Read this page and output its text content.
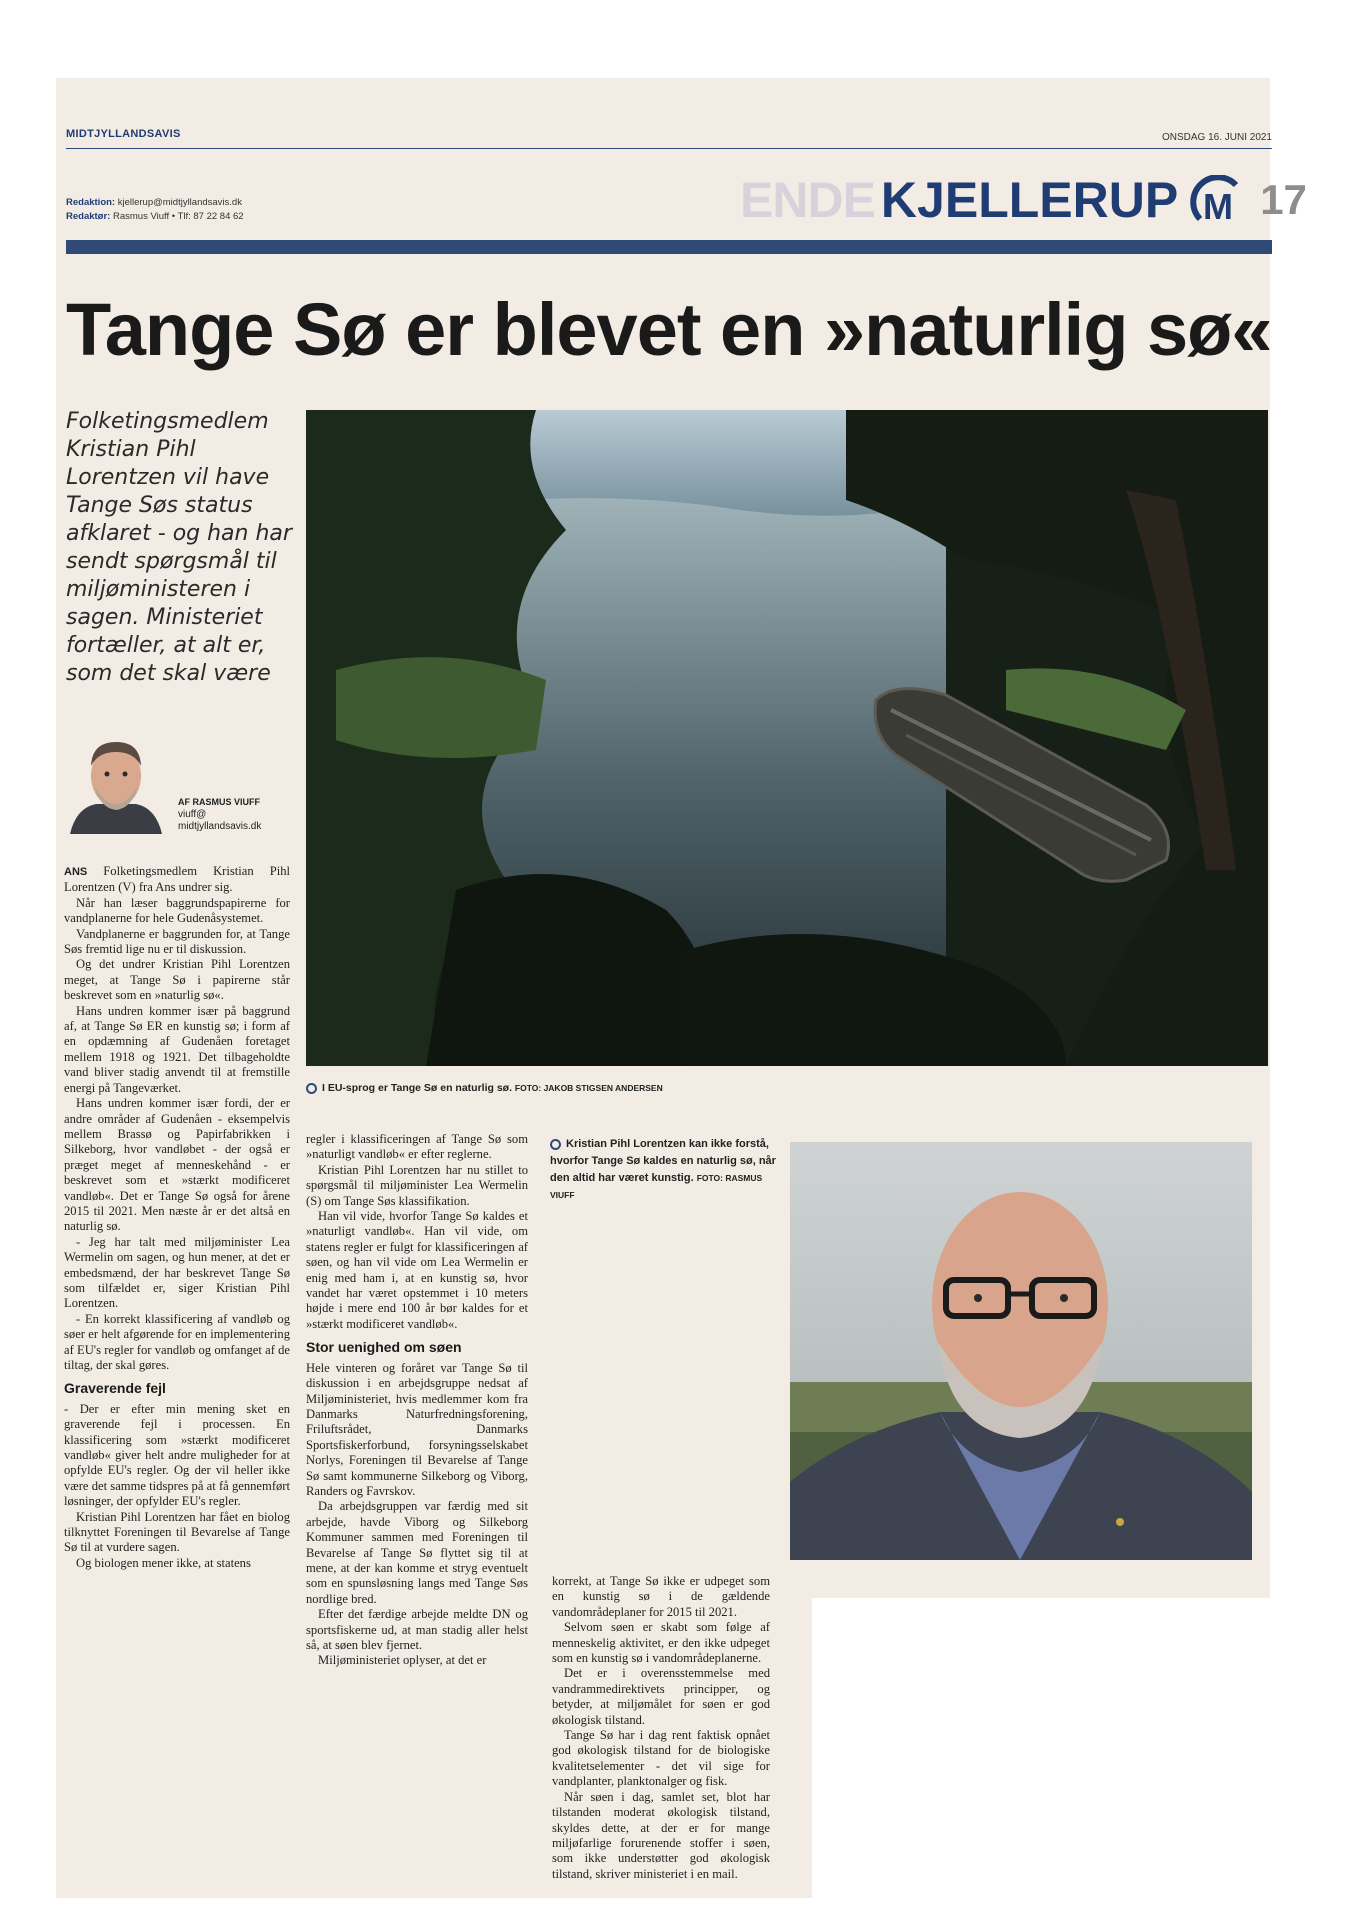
MIDTJYLLANDSAVIS	ONSDAG 16. JUNI 2021
Redaktion: kjellerup@midtjyllandsavis.dk
Redaktør: Rasmus Viuff • Tlf: 87 22 84 62	ENDE KJELLERUP M 17
Tange Sø er blevet en »naturlig sø«
Folketingsmedlem Kristian Pihl Lorentzen vil have Tange Søs status afklaret - og han har sendt spørgsmål til miljøministeren i sagen. Ministeriet fortæller, at alt er, som det skal være
AF RASMUS VIUFF
viuff@
midtjyllandsavis.dk
I EU-sprog er Tange Sø en naturlig sø. FOTO: JAKOB STIGSEN ANDERSEN
Kristian Pihl Lorentzen kan ikke forstå, hvorfor Tange Sø kaldes en naturlig sø, når den altid har været kunstig. FOTO: RASMUS VIUFF

ANS Folketingsmedlem Kristian Pihl Lorentzen (V) fra Ans undrer sig.

Når han læser baggrundspapirerne for vandplanerne for hele Gudenåsystemet.

Vandplanerne er baggrunden for, at Tange Søs fremtid lige nu er til diskussion.

Og det undrer Kristian Pihl Lorentzen meget, at Tange Sø i papirerne står beskrevet som en »naturlig sø«.

Hans undren kommer især på baggrund af, at Tange Sø ER en kunstig sø; i form af en opdæmning af Gudenåen foretaget mellem 1918 og 1921. Det tilbageholdte vand bliver stadig anvendt til at fremstille energi på Tangeværket.

Hans undren kommer især fordi, der er andre områder af Gudenåen - eksempelvis mellem Brassø og Papirfabrikken i Silkeborg, hvor vandløbet - der også er præget meget af menneskehånd - er beskrevet som et »stærkt modificeret vandløb«. Det er Tange Sø også for årene 2015 til 2021. Men næste år er det altså en naturlig sø.

- Jeg har talt med miljøminister Lea Wermelin om sagen, og hun mener, at det er embedsmænd, der har beskrevet Tange Sø som tilfældet er, siger Kristian Pihl Lorentzen.

- En korrekt klassificering af vandløb og søer er helt afgørende for en implementering af EU's regler for vandløb og omfanget af de tiltag, der skal gøres.

Graverende fejl

- Der er efter min mening sket en graverende fejl i processen. En klassificering som »stærkt modificeret vandløb« giver helt andre muligheder for at opfylde EU's regler. Og der vil heller ikke være det samme tidspres på at få gennemført løsninger, der opfylder EU's regler.

Kristian Pihl Lorentzen har fået en biolog tilknyttet Foreningen til Bevarelse af Tange Sø til at vurdere sagen.

Og biologen mener ikke, at statens

regler i klassificeringen af Tange Sø som »naturligt vandløb« er efter reglerne.

Kristian Pihl Lorentzen har nu stillet to spørgsmål til miljøminister Lea Wermelin (S) om Tange Søs klassifikation.

Han vil vide, hvorfor Tange Sø kaldes et »naturligt vandløb«. Han vil vide, om statens regler er fulgt for klassificeringen af søen, og han vil vide om Lea Wermelin er enig med ham i, at en kunstig sø, hvor vandet har været opstemmet i 10 meters højde i mere end 100 år bør kaldes for et »stærkt modificeret vandløb«.

Stor uenighed om søen

Hele vinteren og foråret var Tange Sø til diskussion i en arbejdsgruppe nedsat af Miljøministeriet, hvis medlemmer kom fra Danmarks Naturfredningsforening, Friluftsrådet, Danmarks Sportsfiskerforbund, forsyningsselskabet Norlys, Foreningen til Bevarelse af Tange Sø samt kommunerne Silkeborg og Viborg, Randers og Favrskov.

Da arbejdsgruppen var færdig med sit arbejde, havde Viborg og Silkeborg Kommuner sammen med Foreningen til Bevarelse af Tange Sø flyttet sig til at mene, at der kan komme et stryg eventuelt som en spunsløsning langs med Tange Søs nordlige bred.

Efter det færdige arbejde meldte DN og sportsfiskerne ud, at man stadig aller helst så, at søen blev fjernet.

Miljøministeriet oplyser, at det er

korrekt, at Tange Sø ikke er udpeget som en kunstig sø i de gældende vandområdeplaner for 2015 til 2021.

Selvom søen er skabt som følge af menneskelig aktivitet, er den ikke udpeget som en kunstig sø i vandområdeplanerne.

Det er i overensstemmelse med vandrammedirektivets principper, og betyder, at miljømålet for søen er god økologisk tilstand.

Tange Sø har i dag rent faktisk opnået god økologisk tilstand for de biologiske kvalitetselementer - det vil sige for vandplanter, planktonalger og fisk.

Når søen i dag, samlet set, blot har tilstanden moderat økologisk tilstand, skyldes dette, at der er for mange miljøfarlige forurenende stoffer i søen, som ikke understøtter god økologisk tilstand, skriver ministeriet i en mail.
